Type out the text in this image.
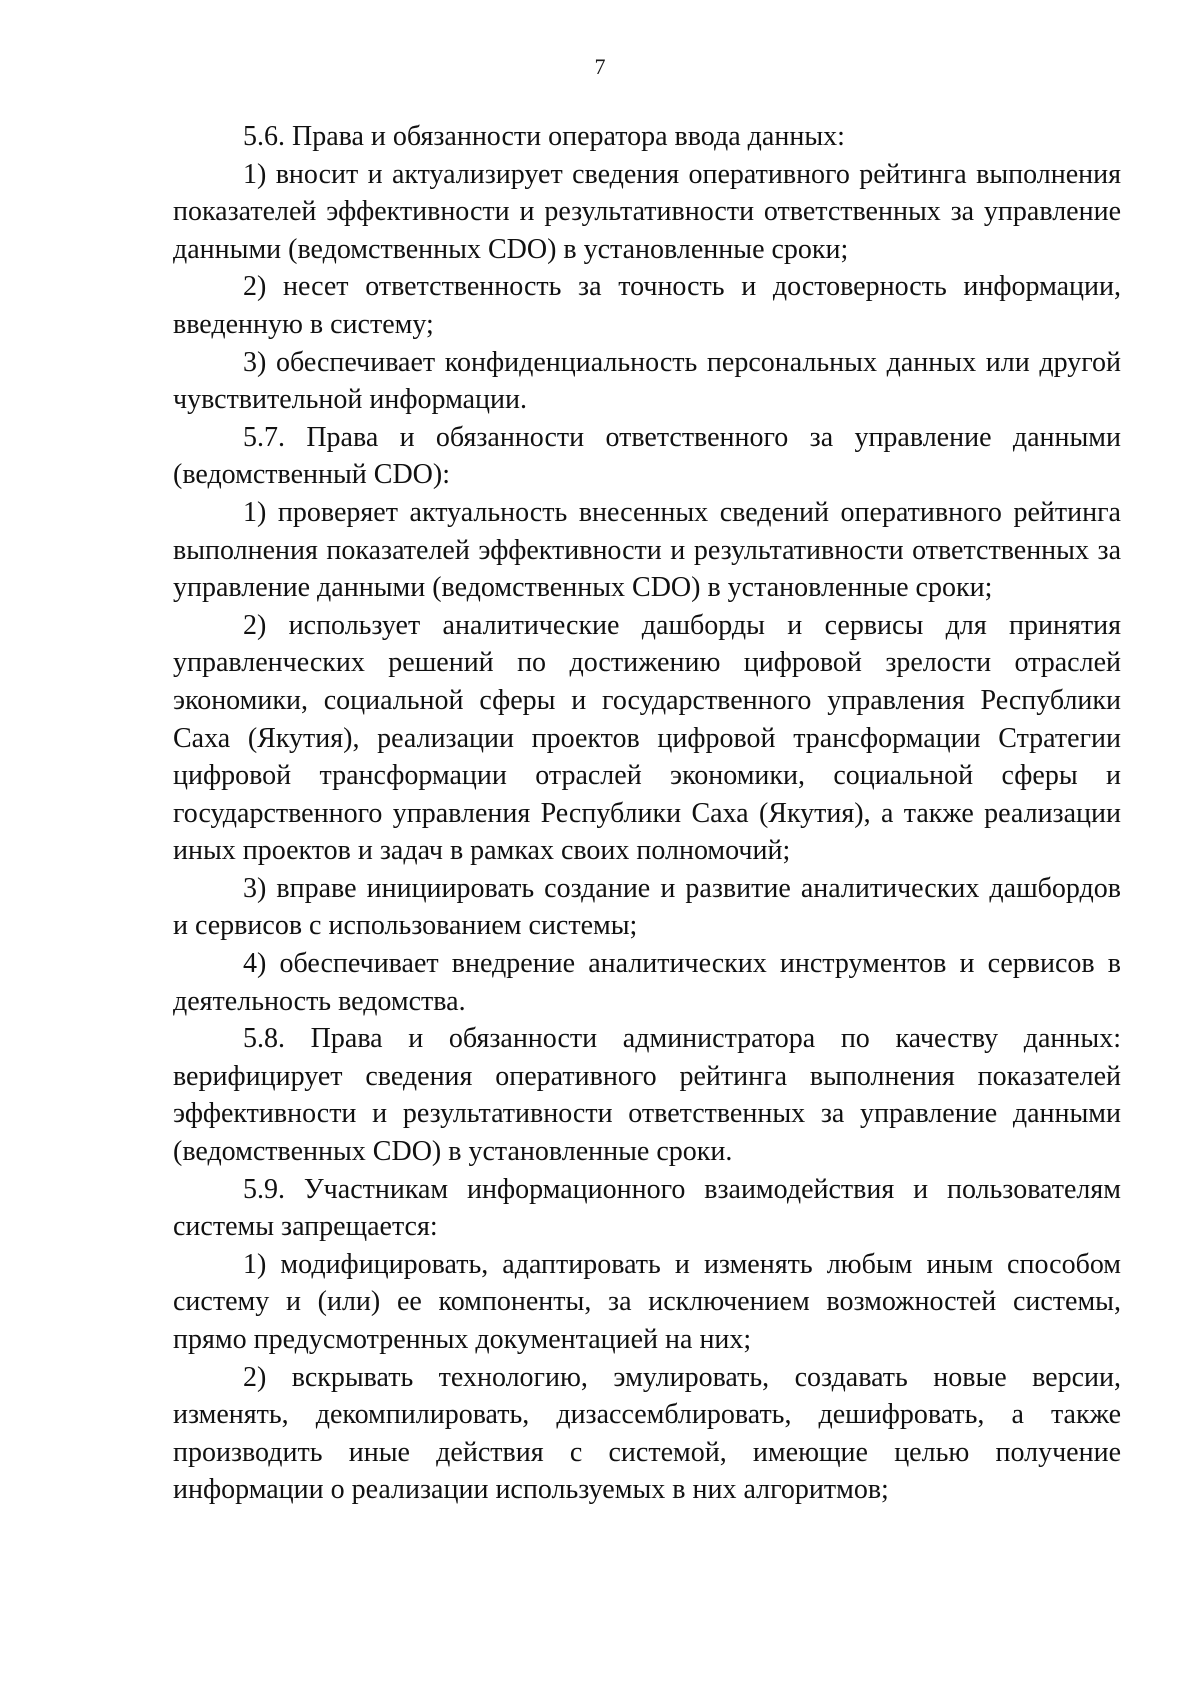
7

5.6. Права и обязанности оператора ввода данных:

1) вносит и актуализирует сведения оперативного рейтинга выполнения показателей эффективности и результативности ответственных за управление данными (ведомственных CDO) в установленные сроки;

2) несет ответственность за точность и достоверность информации, введенную в систему;

3) обеспечивает конфиденциальность персональных данных или другой чувствительной информации.

5.7. Права и обязанности ответственного за управление данными (ведомственный CDO):

1) проверяет актуальность внесенных сведений оперативного рейтинга выполнения показателей эффективности и результативности ответственных за управление данными (ведомственных CDO) в установленные сроки;

2) использует аналитические дашборды и сервисы для принятия управленческих решений по достижению цифровой зрелости отраслей экономики, социальной сферы и государственного управления Республики Саха (Якутия), реализации проектов цифровой трансформации Стратегии цифровой трансформации отраслей экономики, социальной сферы и государственного управления Республики Саха (Якутия), а также реализации иных проектов и задач в рамках своих полномочий;

3) вправе инициировать создание и развитие аналитических дашбордов и сервисов с использованием системы;

4) обеспечивает внедрение аналитических инструментов и сервисов в деятельность ведомства.

5.8. Права и обязанности администратора по качеству данных: верифицирует сведения оперативного рейтинга выполнения показателей эффективности и результативности ответственных за управление данными (ведомственных CDO) в установленные сроки.

5.9. Участникам информационного взаимодействия и пользователям системы запрещается:

1) модифицировать, адаптировать и изменять любым иным способом систему и (или) ее компоненты, за исключением возможностей системы, прямо предусмотренных документацией на них;

2) вскрывать технологию, эмулировать, создавать новые версии, изменять, декомпилировать, дизассемблировать, дешифровать, а также производить иные действия с системой, имеющие целью получение информации о реализации используемых в них алгоритмов;
